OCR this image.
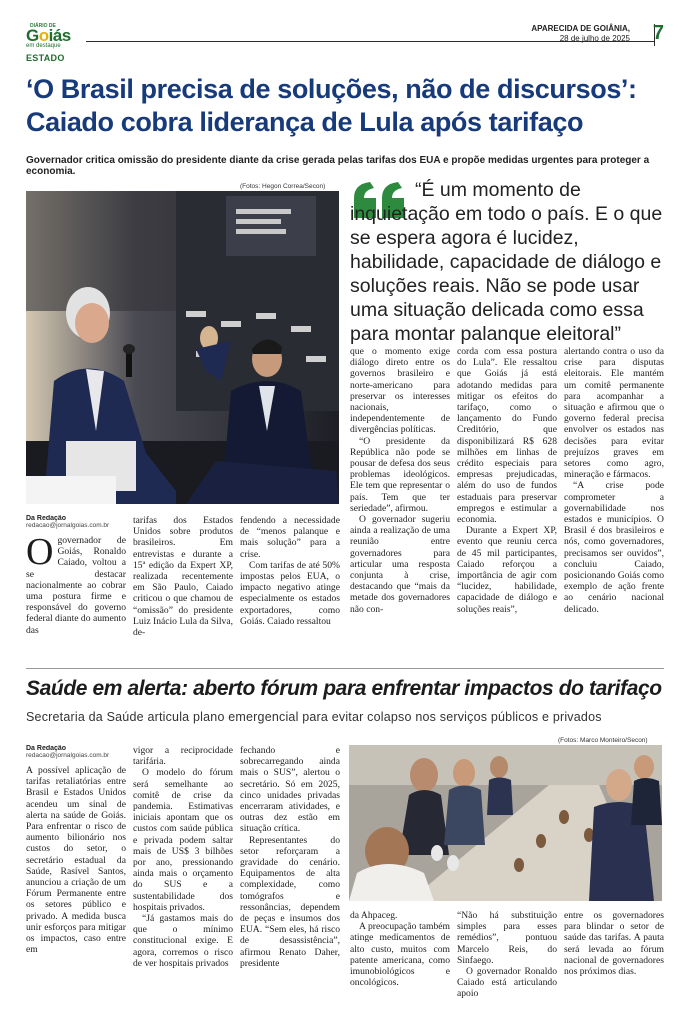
DIÁRIO DE
Goiás
em destaque
APARECIDA DE GOIÂNIA,
28 de julho de 2025 7
ESTADO
‘O Brasil precisa de soluções, não de discursos’: Caiado cobra liderança de Lula após tarifaço
Governador critica omissão do presidente diante da crise gerada pelas tarifas dos EUA e propõe medidas urgentes para proteger a economia.
(Fotos: Hegon Correa/Secon)	“É um momento de inquietação em todo o país. E o que se espera agora é lucidez, habilidade, capacidade de diálogo e soluções reais. Não se pode usar uma situação delicada como essa para montar palanque eleitoral”
Da Redação
redacao@jornalgoias.com.br

Ogovernador de Goiás, Ronaldo Caiado, voltou a se destacar nacionalmente ao cobrar uma postura firme e responsável do governo federal diante do aumento das

tarifas dos Estados Unidos sobre produtos brasileiros. Em entrevistas e durante a 15ª edição da Expert XP, realizada recentemente em São Paulo, Caiado criticou o que chamou de “omissão” do presidente Luiz Inácio Lula da Silva, de-

fendendo a necessidade de “menos palanque e mais solução” para a crise.

Com tarifas de até 50% impostas pelos EUA, o impacto negativo atinge especialmente os estados exportadores, como Goiás. Caiado ressaltou

que o momento exige diálogo direto entre os governos brasileiro e norte-americano para preservar os interesses nacionais, independentemente de divergências políticas.

“O presidente da República não pode se pousar de defesa dos seus problemas ideológicos. Ele tem que representar o país. Tem que ter seriedade”, afirmou.

O governador sugeriu ainda a realização de uma reunião entre governadores para articular uma resposta conjunta à crise, destacando que “mais da metade dos governadores não con-

corda com essa postura do Lula”. Ele ressaltou que Goiás já está adotando medidas para mitigar os efeitos do tarifaço, como o lançamento do Fundo Creditório, que disponibilizará R$ 628 milhões em linhas de crédito especiais para empresas prejudicadas, além do uso de fundos estaduais para preservar empregos e estimular a economia.

Durante a Expert XP, evento que reuniu cerca de 45 mil participantes, Caiado reforçou a importância de agir com “lucidez, habilidade, capacidade de diálogo e soluções reais”,

alertando contra o uso da crise para disputas eleitorais. Ele mantém um comitê permanente para acompanhar a situação e afirmou que o governo federal precisa envolver os estados nas decisões para evitar prejuízos graves em setores como agro, mineração e fármacos.

“A crise pode comprometer a governabilidade nos estados e municípios. O Brasil é dos brasileiros e nós, como governadores, precisamos ser ouvidos”, concluiu Caiado, posicionando Goiás como exemplo de ação frente ao cenário nacional delicado.

Saúde em alerta: aberto fórum para enfrentar impactos do tarifaço
Secretaria da Saúde articula plano emergencial para evitar colapso nos serviços públicos e privados
(Fotos: Marco Monteiro/Secon)
Da Redação
redacao@jornalgoias.com.br

A possível aplicação de tarifas retaliatórias entre Brasil e Estados Unidos acendeu um sinal de alerta na saúde de Goiás. Para enfrentar o risco de aumento bilionário nos custos do setor, o secretário estadual da Saúde, Rasível Santos, anunciou a criação de um Fórum Permanente entre os setores público e privado. A medida busca unir esforços para mitigar os impactos, caso entre em

vigor a reciprocidade tarifária.

O modelo do fórum será semelhante ao comitê de crise da pandemia. Estimativas iniciais apontam que os custos com saúde pública e privada podem saltar mais de US$ 3 bilhões por ano, pressionando ainda mais o orçamento do SUS e a sustentabilidade dos hospitais privados.

“Já gastamos mais do que o mínimo constitucional exige. E agora, corremos o risco de ver hospitais privados

fechando e sobrecarregando ainda mais o SUS”, alertou o secretário. Só em 2025, cinco unidades privadas encerraram atividades, e outras dez estão em situação crítica.

Representantes do setor reforçaram a gravidade do cenário. Equipamentos de alta complexidade, como tomógrafos e ressonâncias, dependem de peças e insumos dos EUA. “Sem eles, há risco de desassistência”, afirmou Renato Daher, presidente

da Ahpaceg.

A preocupação também atinge medicamentos de alto custo, muitos com patente americana, como imunobiológicos e oncológicos.

“Não há substituição simples para esses remédios”, pontuou Marcelo Reis, do Sinfaego.

O governador Ronaldo Caiado está articulando apoio

entre os governadores para blindar o setor de saúde das tarifas. A pauta será levada ao fórum nacional de governadores nos próximos dias.
